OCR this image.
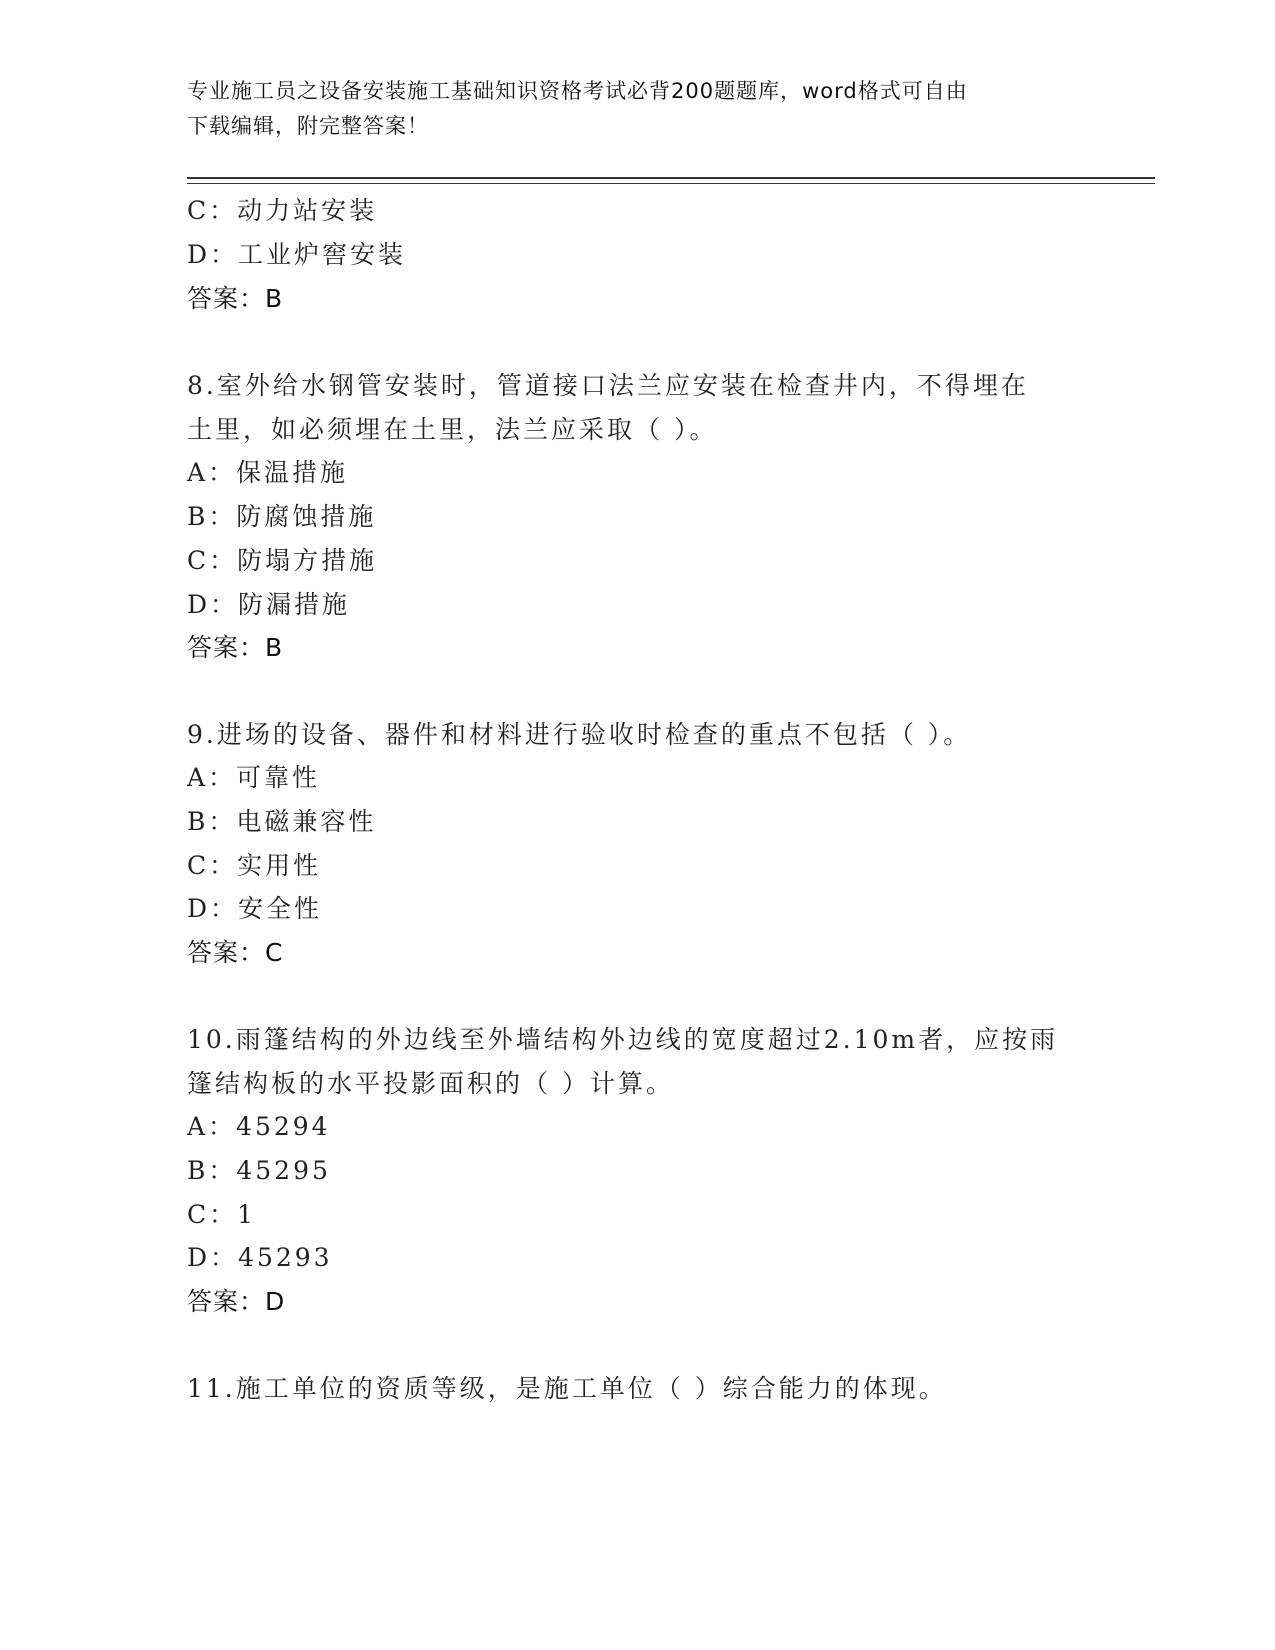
专业施工员之设备安装施工基础知识资格考试必背200题题库，word格式可自由
下载编辑，附完整答案！
C：动力站安装
D：工业炉窖安装
答案：B
8.室外给水钢管安装时，管道接口法兰应安装在检查井内，不得埋在
土里，如必须埋在土里，法兰应采取（ ）。
A：保温措施
B：防腐蚀措施
C：防塌方措施
D：防漏措施
答案：B
9.进场的设备、器件和材料进行验收时检查的重点不包括（ ）。
A：可靠性
B：电磁兼容性
C：实用性
D：安全性
答案：C
10.雨篷结构的外边线至外墙结构外边线的宽度超过2.10m者，应按雨
篷结构板的水平投影面积的（ ）计算。
A：45294
B：45295
C：1
D：45293
答案：D
11.施工单位的资质等级，是施工单位（ ）综合能力的体现。
